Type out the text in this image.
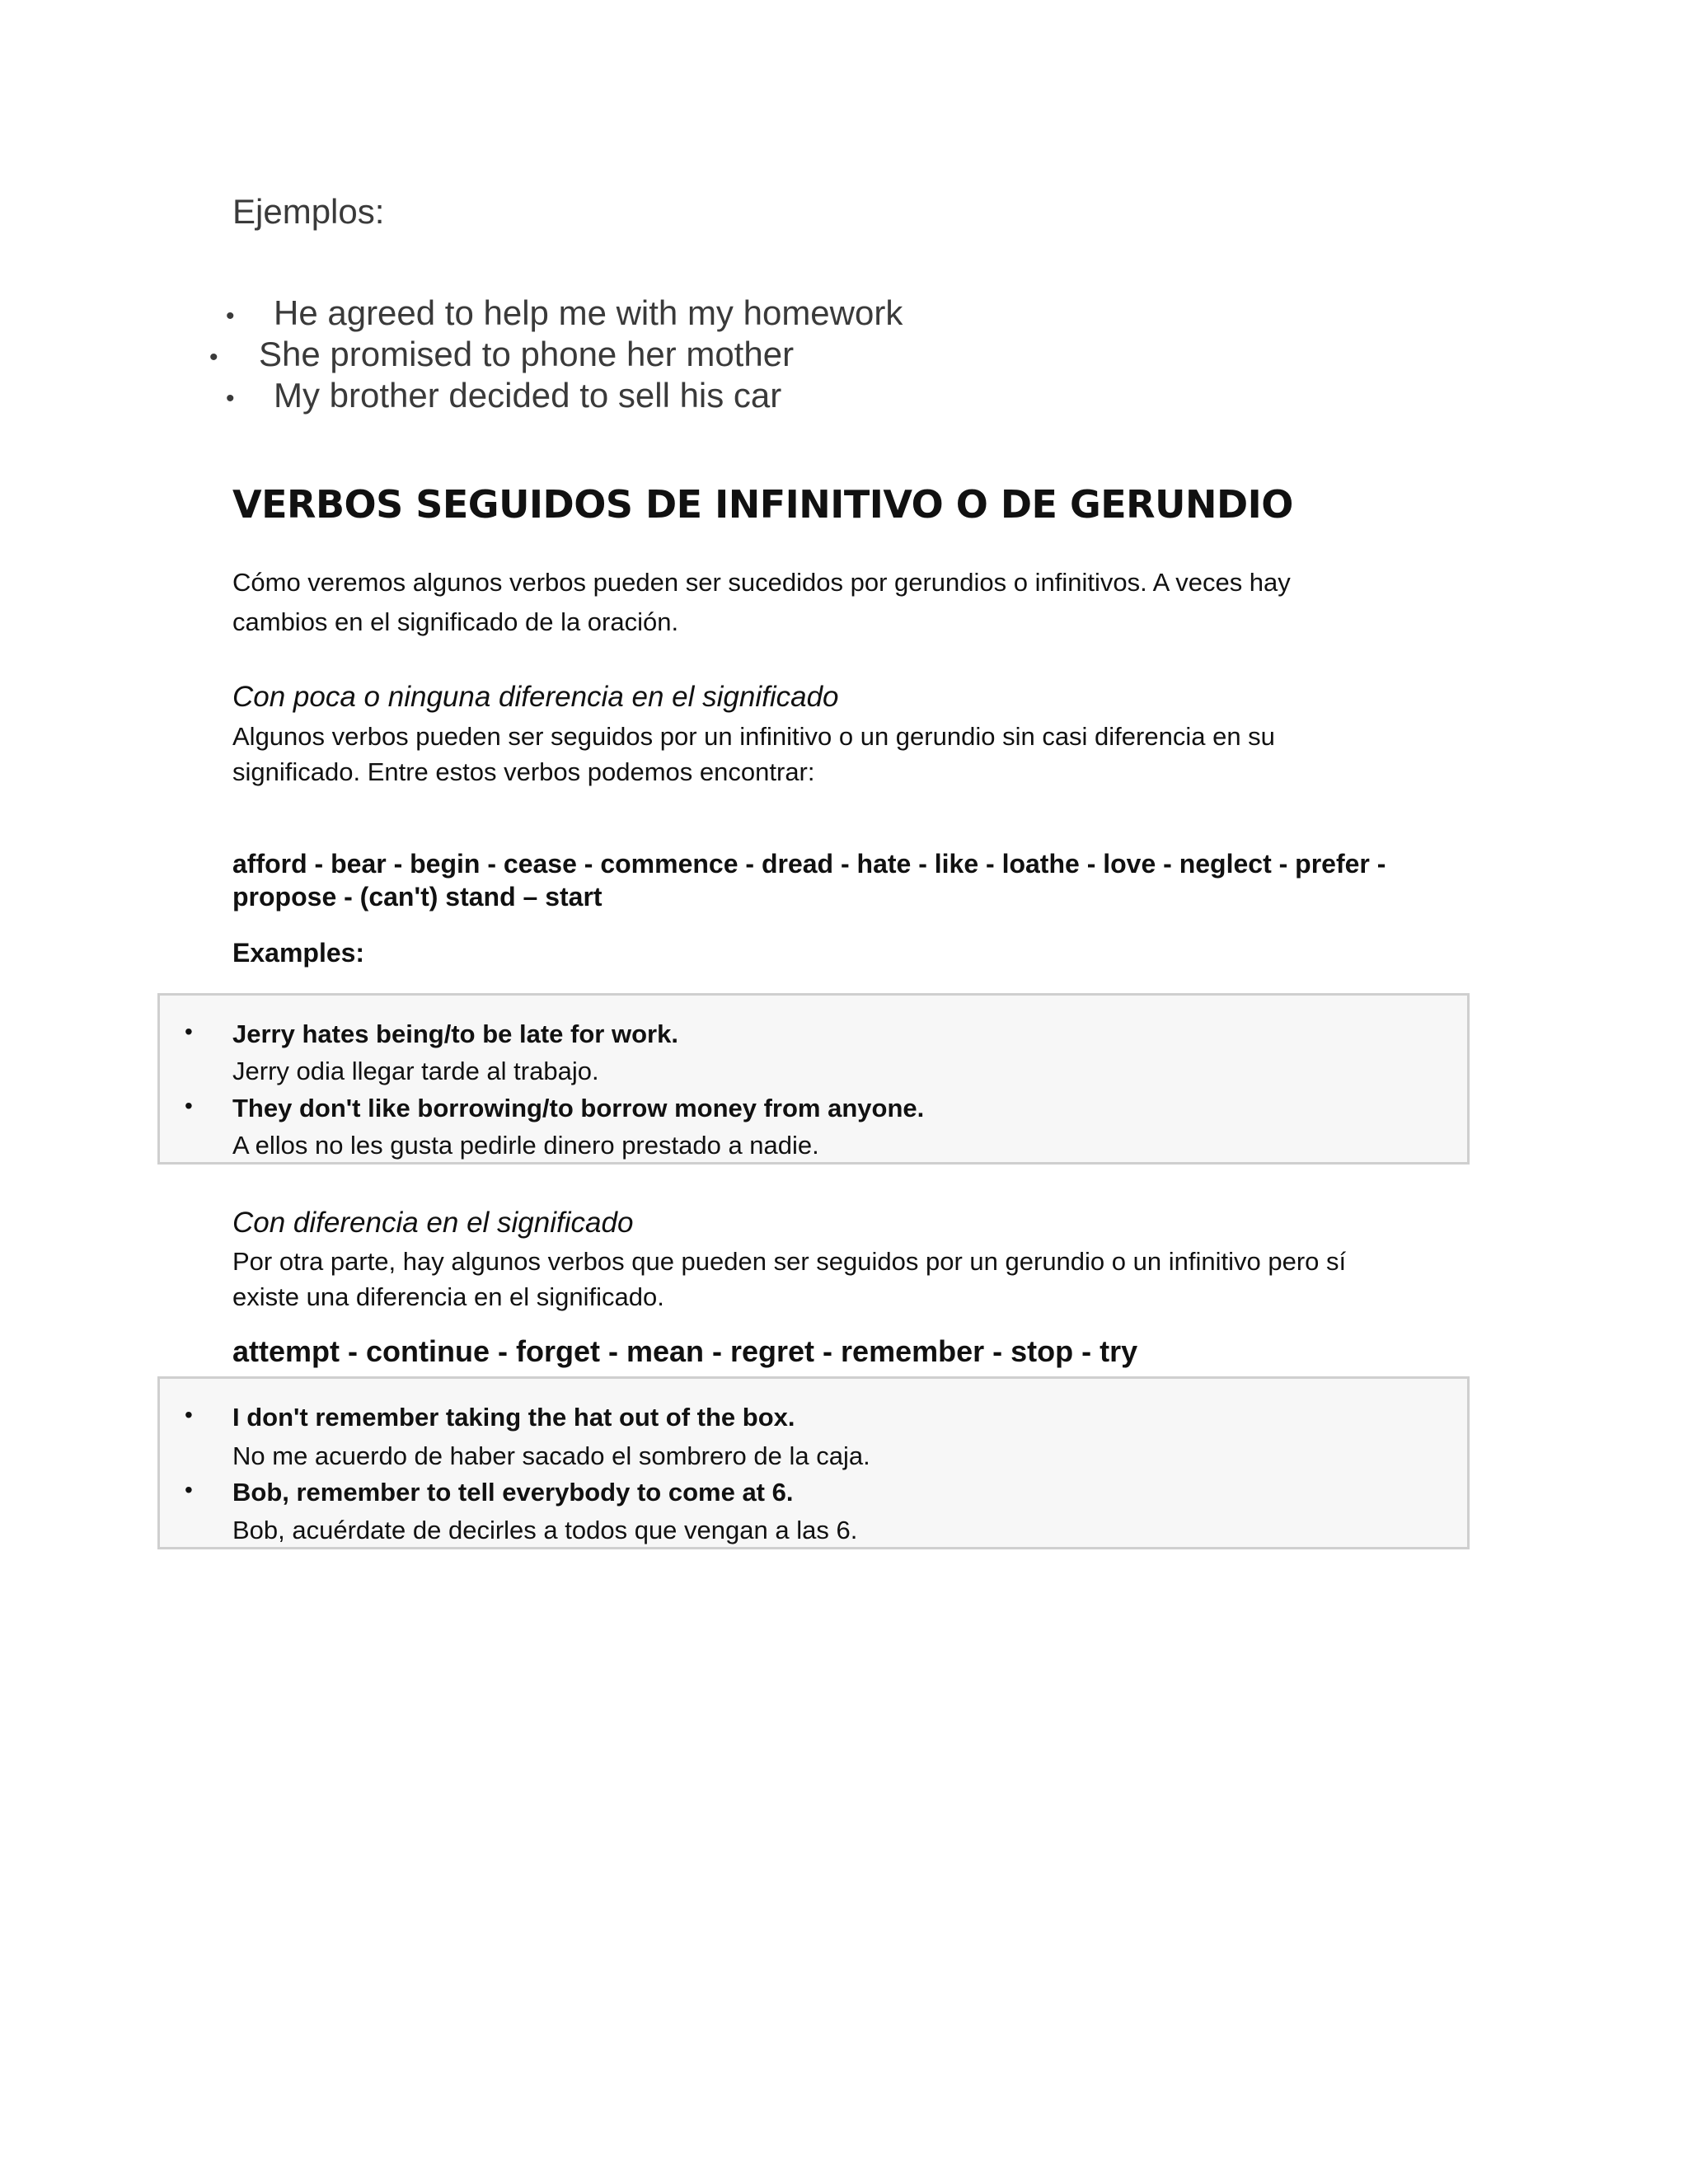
Ejemplos:
• He agreed to help me with my homework
• She promised to phone her mother
• My brother decided to sell his car
VERBOS SEGUIDOS DE INFINITIVO O DE GERUNDIO
Cómo veremos algunos verbos pueden ser sucedidos por gerundios o infinitivos. A veces hay
cambios en el significado de la oración.
Con poca o ninguna diferencia en el significado
Algunos verbos pueden ser seguidos por un infinitivo o un gerundio sin casi diferencia en su
significado. Entre estos verbos podemos encontrar:
afford - bear - begin - cease - commence - dread - hate - like - loathe - love - neglect - prefer -
propose - (can't) stand – start
Examples:
• Jerry hates being/to be late for work.
Jerry odia llegar tarde al trabajo.
• They don't like borrowing/to borrow money from anyone.
A ellos no les gusta pedirle dinero prestado a nadie.
Con diferencia en el significado
Por otra parte, hay algunos verbos que pueden ser seguidos por un gerundio o un infinitivo pero sí
existe una diferencia en el significado.
attempt - continue - forget - mean - regret - remember - stop - try
• I don't remember taking the hat out of the box.
No me acuerdo de haber sacado el sombrero de la caja.
• Bob, remember to tell everybody to come at 6.
Bob, acuérdate de decirles a todos que vengan a las 6.
